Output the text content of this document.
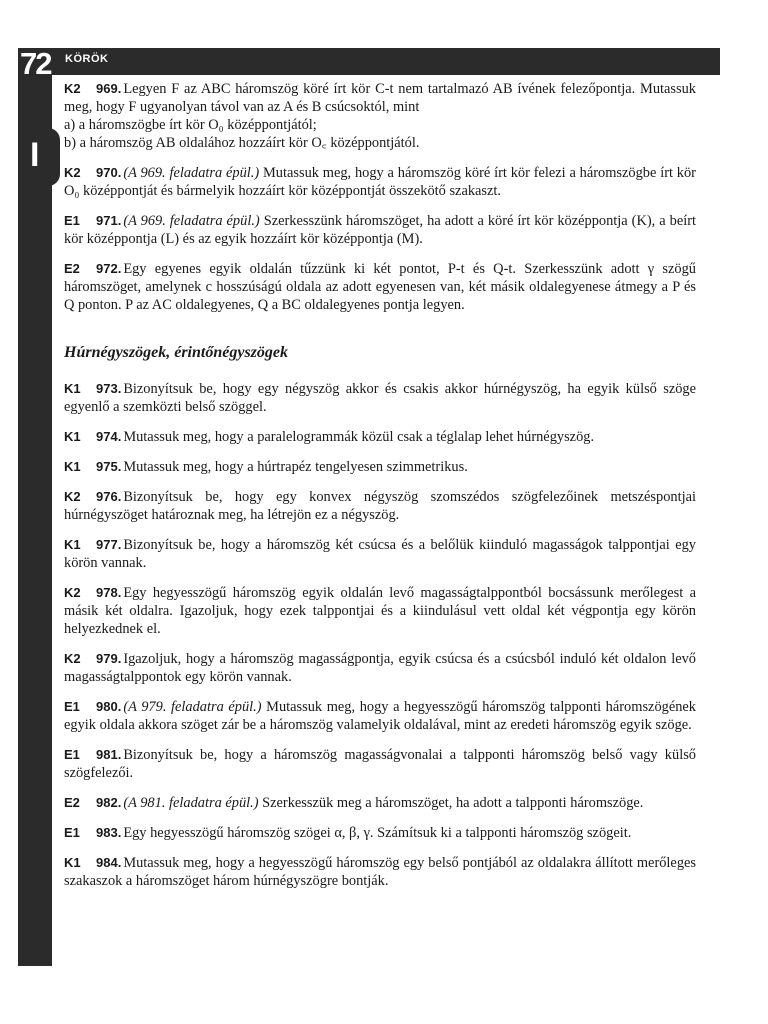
I
72 KÖRÖK
K2 969. Legyen F az ABC háromszög köré írt kör C-t nem tartalmazó AB ívének felezőpontja. Mutassuk meg, hogy F ugyanolyan távol van az A és B csúcsoktól, mint
a) a háromszögbe írt kör O₀ középpontjától;
b) a háromszög AB oldalához hozzáírt kör O꜀ középpontjától.
K2 970. (A 969. feladatra épül.) Mutassuk meg, hogy a háromszög köré írt kör felezi a háromszögbe írt kör O₀ középpontját és bármelyik hozzáírt kör középpontját összekötő szakaszt.
E1 971. (A 969. feladatra épül.) Szerkesszünk háromszöget, ha adott a köré írt kör középpontja (K), a beírt kör középpontja (L) és az egyik hozzáírt kör középpontja (M).
E2 972. Egy egyenes egyik oldalán tűzzünk ki két pontot, P-t és Q-t. Szerkesszünk adott γ szögű háromszöget, amelynek c hosszúságú oldala az adott egyenesen van, két másik oldalegyenese átmegy a P és Q ponton. P az AC oldalegyenes, Q a BC oldalegyenes pontja legyen.
Húrnégyszögek, érintőnégyszögek
K1 973. Bizonyítsuk be, hogy egy négyszög akkor és csakis akkor húrnégyszög, ha egyik külső szöge egyenlő a szemközti belső szöggel.
K1 974. Mutassuk meg, hogy a paralelogrammák közül csak a téglalap lehet húrnégyszög.
K1 975. Mutassuk meg, hogy a húrtrapéz tengelyesen szimmetrikus.
K2 976. Bizonyítsuk be, hogy egy konvex négyszög szomszédos szögfelezőinek metszéspontjai húrnégyszöget határoznak meg, ha létrejön ez a négyszög.
K1 977. Bizonyítsuk be, hogy a háromszög két csúcsa és a belőlük kiinduló magasságok talppontjai egy körön vannak.
K2 978. Egy hegyesszögű háromszög egyik oldalán levő magasságtalppontból bocsássunk merőlegest a másik két oldalra. Igazoljuk, hogy ezek talppontjai és a kiindulásul vett oldal két végpontja egy körön helyezkednek el.
K2 979. Igazoljuk, hogy a háromszög magasságpontja, egyik csúcsa és a csúcsból induló két oldalon levő magasságtalppontok egy körön vannak.
E1 980. (A 979. feladatra épül.) Mutassuk meg, hogy a hegyesszögű háromszög talpponti háromszögének egyik oldala akkora szöget zár be a háromszög valamelyik oldalával, mint az eredeti háromszög egyik szöge.
E1 981. Bizonyítsuk be, hogy a háromszög magasságvonalai a talpponti háromszög belső vagy külső szögfelezői.
E2 982. (A 981. feladatra épül.) Szerkesszük meg a háromszöget, ha adott a talpponti háromszöge.
E1 983. Egy hegyesszögű háromszög szögei α, β, γ. Számítsuk ki a talpponti háromszög szögeit.
K1 984. Mutassuk meg, hogy a hegyesszögű háromszög egy belső pontjából az oldalakra állított merőleges szakaszok a háromszöget három húrnégyszögre bontják.
